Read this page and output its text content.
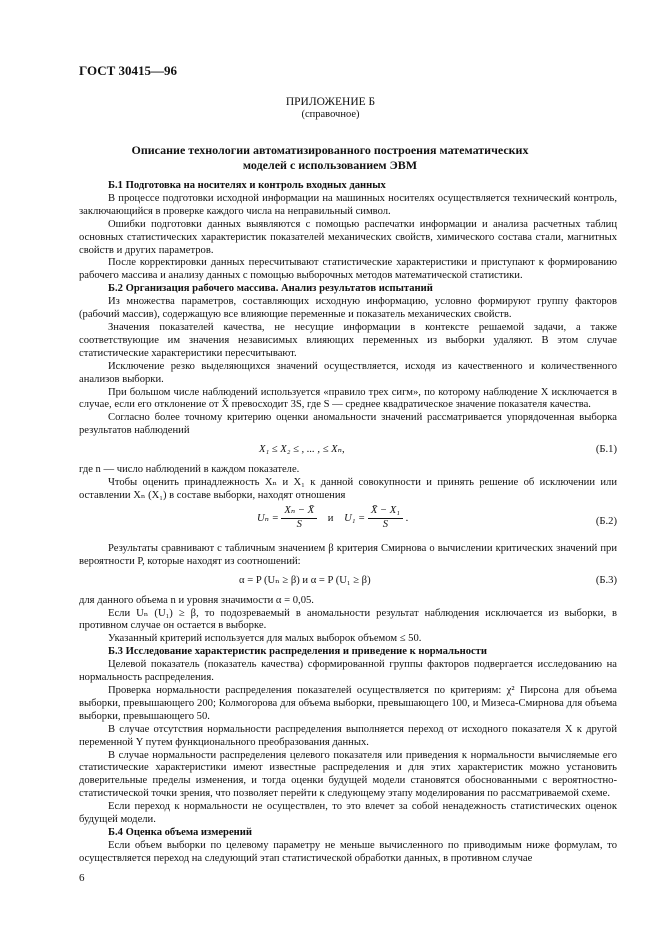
ГОСТ 30415—96
ПРИЛОЖЕНИЕ Б
(справочное)
Описание технологии автоматизированного построения математических моделей с использованием ЭВМ
Б.1 Подготовка на носителях и контроль входных данных

В процессе подготовки исходной информации на машинных носителях осуществляется технический контроль, заключающийся в проверке каждого числа на неправильный символ.

Ошибки подготовки данных выявляются с помощью распечатки информации и анализа расчетных таблиц основных статистических характеристик показателей механических свойств, химического состава стали, магнитных свойств и других параметров.

После корректировки данных пересчитывают статистические характеристики и приступают к формированию рабочего массива и анализу данных с помощью выборочных методов математической статистики.

Б.2 Организация рабочего массива. Анализ результатов испытаний

Из множества параметров, составляющих исходную информацию, условно формируют группу факторов (рабочий массив), содержащую все влияющие переменные и показатель механических свойств.

Значения показателей качества, не несущие информации в контексте решаемой задачи, а также соответствующие им значения независимых влияющих переменных из выборки удаляют. В этом случае статистические характеристики пересчитывают.

Исключение резко выделяющихся значений осуществляется, исходя из качественного и количественного анализов выборки.

При большом числе наблюдений используется «правило трех сигм», по которому наблюдение X исключается в случае, если его отклонение от X̄ превосходит 3S, где S — среднее квадратическое значение показателя качества.

Согласно более точному критерию оценки аномальности значений рассматривается упорядоченная выборка результатов наблюдений

X₁ ≤ X₂ ≤ , ... , ≤ Xₙ,	(Б.1)

где n — число наблюдений в каждом показателе.

Чтобы оценить принадлежность Xₙ и X₁ к данной совокупности и принять решение об исключении или оставлении Xₙ (X₁) в составе выборки, находят отношения

$U_n = \frac{\text{Xₙ − X̄}}{S}$ и $U_1 = \frac{\text{X̄ − X₁}}{S}$ .	(Б.2)

Результаты сравнивают с табличным значением β критерия Смирнова о вычислении критических значений при вероятности P, которые находят из соотношений:

α = P (Uₙ ≥ β) и α = P (U₁ ≥ β)	(Б.3)

для данного объема n и уровня значимости α = 0,05.

Если Uₙ (U₁) ≥ β, то подозреваемый в аномальности результат наблюдения исключается из выборки, в противном случае он остается в выборке.

Указанный критерий используется для малых выборок объемом ≤ 50.

Б.3 Исследование характеристик распределения и приведение к нормальности

Целевой показатель (показатель качества) сформированной группы факторов подвергается исследованию на нормальность распределения.

Проверка нормальности распределения показателей осуществляется по критериям: χ² Пирсона для объема выборки, превышающего 200; Колмогорова для объема выборки, превышающего 100, и Мизеса-Смирнова для объема выборки, превышающего 50.

В случае отсутствия нормальности распределения выполняется переход от исходного показателя X к другой переменной Y путем функционального преобразования данных.

В случае нормальности распределения целевого показателя или приведения к нормальности вычисляемые его статистические характеристики имеют известные распределения и для этих характеристик можно установить доверительные пределы изменения, и тогда оценки будущей модели становятся обоснованными с вероятностно-статистической точки зрения, что позволяет перейти к следующему этапу моделирования по рассматриваемой схеме.

Если переход к нормальности не осуществлен, то это влечет за собой ненадежность статистических оценок будущей модели.

Б.4 Оценка объема измерений

Если объем выборки по целевому параметру не меньше вычисленного по приводимым ниже формулам, то осуществляется переход на следующий этап статистической обработки данных, в противном случае

6
